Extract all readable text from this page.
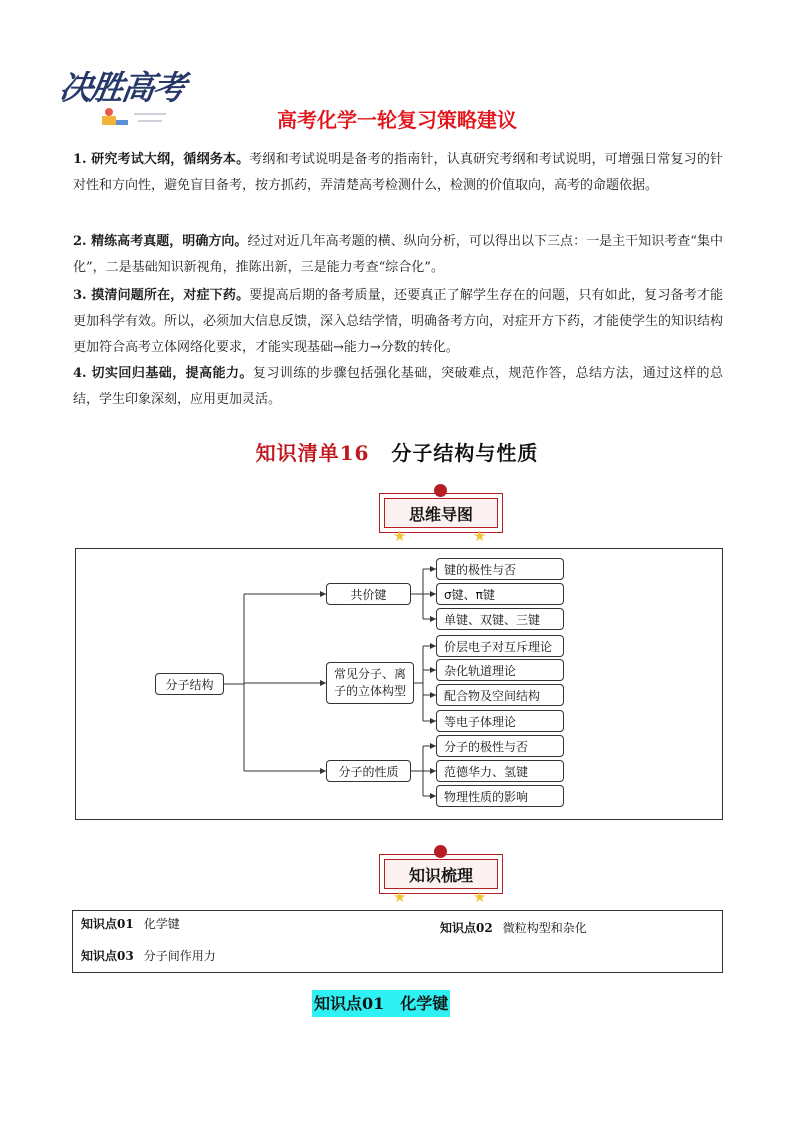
决胜高考
高考化学一轮复习策略建议
1. 研究考试大纲，循纲务本。考纲和考试说明是备考的指南针，认真研究考纲和考试说明，可增强日常复习的针对性和方向性，避免盲目备考，按方抓药，弄清楚高考检测什么，检测的价值取向，高考的命题依据。
2. 精练高考真题，明确方向。经过对近几年高考题的横、纵向分析，可以得出以下三点：一是主干知识考查“集中化”，二是基础知识新视角，推陈出新，三是能力考查“综合化”。
3. 摸清问题所在，对症下药。要提高后期的备考质量，还要真正了解学生存在的问题，只有如此，复习备考才能更加科学有效。所以，必须加大信息反馈，深入总结学情，明确备考方向，对症开方下药，才能使学生的知识结构更加符合高考立体网络化要求，才能实现基础→能力→分数的转化。
4. 切实回归基础，提高能力。复习训练的步骤包括强化基础，突破难点，规范作答，总结方法，通过这样的总结，学生印象深刻，应用更加灵活。
知识清单16 分子结构与性质
思维导图
★	★
分子结构
共价键
常见分子、离
子的立体构型
分子的性质
键的极性与否
σ键、π键
单键、双键、三键
价层电子对互斥理论
杂化轨道理论
配合物及空间结构
等电子体理论
分子的极性与否
范德华力、氢键
物理性质的影响
知识梳理
★	★
知识点01 化学键	知识点02 微粒构型和杂化
知识点03 分子间作用力
知识点01 化学键
